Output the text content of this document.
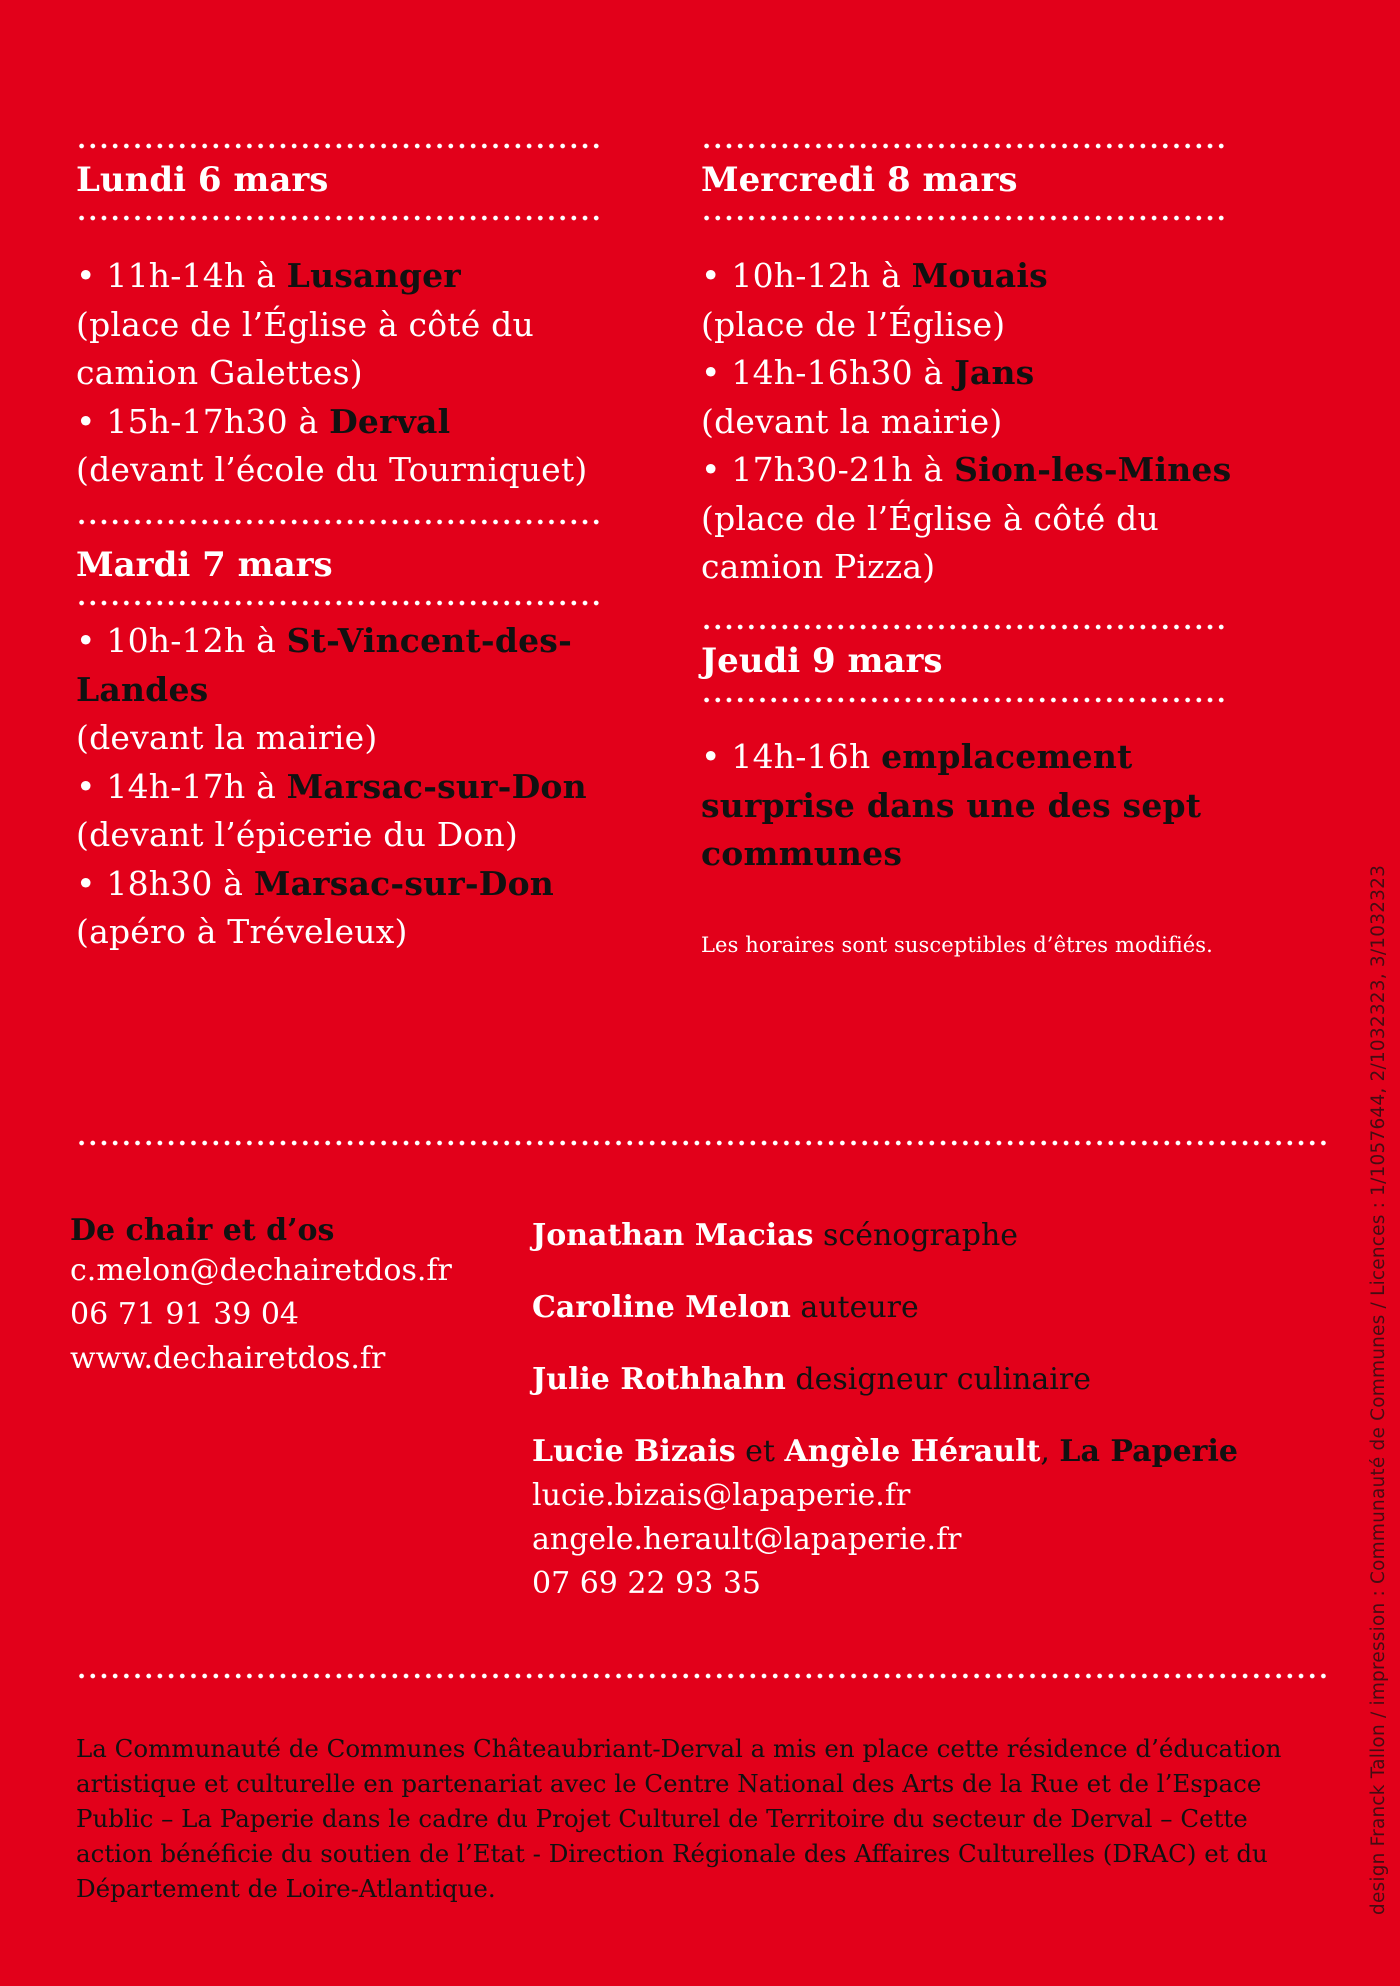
Lundi 6 mars

• 11h-14h à Lusanger

(place de l’Église à côté du camion Galettes)

• 15h-17h30 à Derval

(devant l’école du Tourniquet)

Mardi 7 mars

• 10h-12h à St-Vincent-des-Landes

(devant la mairie)

• 14h-17h à Marsac-sur-Don

(devant l’épicerie du Don)

• 18h30 à Marsac-sur-Don

(apéro à Tréveleux)

Mercredi 8 mars

• 10h-12h à Mouais

(place de l’Église)

• 14h-16h30 à Jans

(devant la mairie)

• 17h30-21h à Sion-les-Mines

(place de l’Église à côté du camion Pizza)

Jeudi 9 mars

• 14h-16h emplacement surprise dans une des sept communes

Les horaires sont susceptibles d’êtres modifiés.
De chair et d’os
c.melon@dechairetdos.fr
06 71 91 39 04
www.dechairetdos.fr
Jonathan Macias scénographe
Caroline Melon auteure
Julie Rothhahn designeur culinaire
Lucie Bizais et Angèle Hérault, La Paperie
lucie.bizais@lapaperie.fr
angele.herault@lapaperie.fr
07 69 22 93 35
La Communauté de Communes Châteaubriant-Derval a mis en place cette résidence d’éducation artistique et culturelle en partenariat avec le Centre National des Arts de la Rue et de l’Espace Public – La Paperie dans le cadre du Projet Culturel de Territoire du secteur de Derval – Cette action bénéficie du soutien de l’Etat - Direction Régionale des Affaires Culturelles (DRAC) et du Département de Loire-Atlantique.	design Franck Tallon / impression : Communauté de Communes / Licences : 1/1057644, 2/1032323, 3/1032323
